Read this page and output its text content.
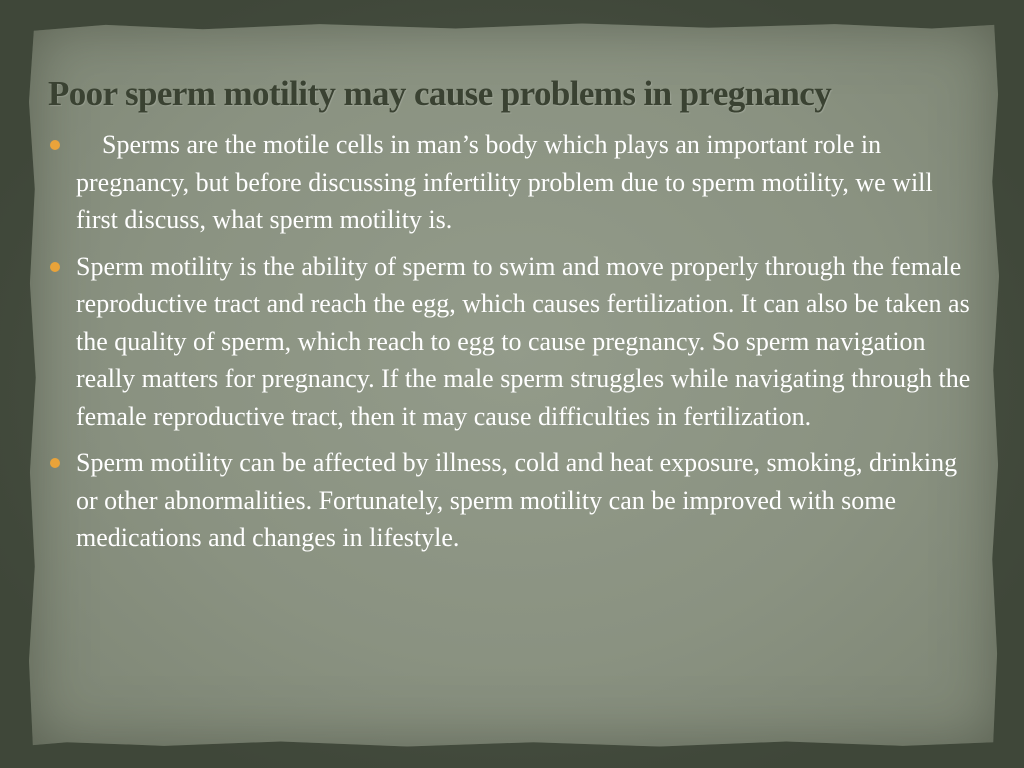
Poor sperm motility may cause problems in pregnancy
Sperms are the motile cells in man’s body which plays an important role in pregnancy, but before discussing infertility problem due to sperm motility, we will first discuss, what sperm motility is.
Sperm motility is the ability of sperm to swim and move properly through the female reproductive tract and reach the egg, which causes fertilization. It can also be taken as the quality of sperm, which reach to egg to cause pregnancy. So sperm navigation really matters for pregnancy. If the male sperm struggles while navigating through the female reproductive tract, then it may cause difficulties in fertilization.
Sperm motility can be affected by illness, cold and heat exposure, smoking, drinking or other abnormalities. Fortunately, sperm motility can be improved with some medications and changes in lifestyle.
